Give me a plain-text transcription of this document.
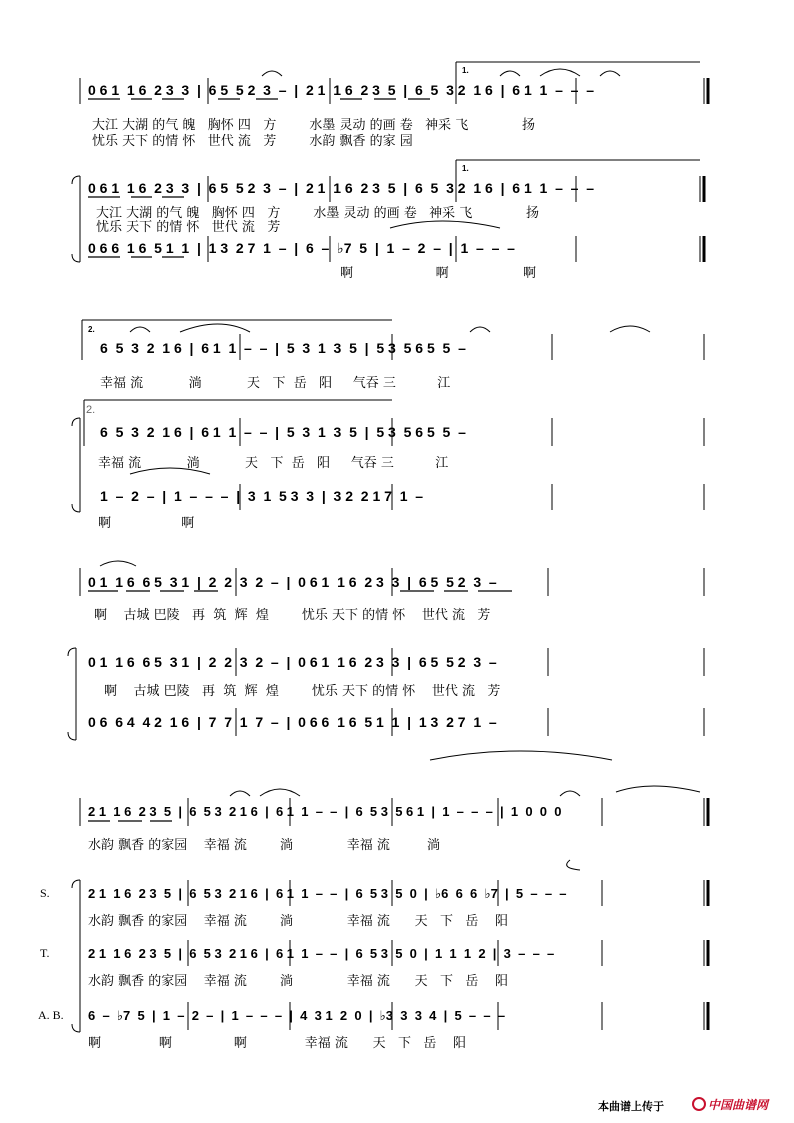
1.
0 6 1  1 6  2 3  3  |  6 5  5 2  3  –  |  2 1  1 6  2 3  5  |  6  5  3 2  1 6  |  6 1  1  –  –  –
大江 大湖 的气 魄   胸怀 四   方        水墨 灵动 的画 卷   神采 飞             扬
忧乐 天下 的情 怀   世代 流   芳        水韵 飘香 的家 园
1.
0 6 1  1 6  2 3  3  |  6 5  5 2  3  –  |  2 1  1 6  2 3  5  |  6  5  3 2  1 6  |  6 1  1  –  –  –
大江 大湖 的气 魄   胸怀 四   方        水墨 灵动 的画 卷   神采 飞             扬
忧乐 天下 的情 怀   世代 流   芳
0 6 6  1 6  5 1  1  |  1 3  2 7  1  –  |  6  –  ♭7  5  |  1  –  2  –  |  1  –  –  –
啊                    啊                  啊
2.
6  5  3  2  1 6  |  6 1  1  –  –  |  5  3  1  3  5  |  5 3  5 6 5  5  –
幸福 流           淌           天   下  岳   阳     气吞 三          江
2.
6  5  3  2  1 6  |  6 1  1  –  –  |  5  3  1  3  5  |  5 3  5 6 5  5  –
幸福 流           淌           天   下  岳   阳     气吞 三          江
1  –  2  –  |  1  –  –  –  |  3  1  5 3  3  |  3 2  2 1 7  1  –
啊                 啊
0 1  1 6  6 5  3 1  |  2  2  3  2  –  |  0 6 1  1 6  2 3  3  |  6 5  5 2  3  –
啊    古城 巴陵   再  筑  辉  煌        忧乐 天下 的情 怀    世代 流   芳
0 1  1 6  6 5  3 1  |  2  2  3  2  –  |  0 6 1  1 6  2 3  3  |  6 5  5 2  3  –
啊    古城 巴陵   再  筑  辉  煌        忧乐 天下 的情 怀    世代 流   芳
0 6  6 4  4 2  1 6  |  7  7  1  7  –  |  0 6 6  1 6  5 1  1  |  1 3  2 7  1  –
2 1  1 6  2 3  5  |  6  5 3  2 1 6  |  6 1  1  –  –  |  6  5 3  5 6 1  |  1  –  –  –  |  1  0  0  0
水韵 飘香 的家园    幸福 流        淌             幸福 流         淌
S.	2 1  1 6  2 3  5  |  6  5 3  2 1 6  |  6 1  1  –  –  |  6  5 3  5  0  |  ♭6  6  6  ♭7  |  5  –  –  –
水韵 飘香 的家园    幸福 流        淌             幸福 流      天   下   岳    阳
T.	2 1  1 6  2 3  5  |  6  5 3  2 1 6  |  6 1  1  –  –  |  6  5 3  5  0  |  1  1  1  2  |  3  –  –  –
水韵 飘香 的家园    幸福 流        淌             幸福 流      天   下   岳    阳
A. B. 6  –  ♭7  5  |  1  –  2  –  |  1  –  –  –  |  4  3 1  2  0  |  ♭3  3  3  4  |  5  –  –  –
啊              啊               啊              幸福 流      天   下   岳    阳
本曲谱上传于	中国曲谱网
